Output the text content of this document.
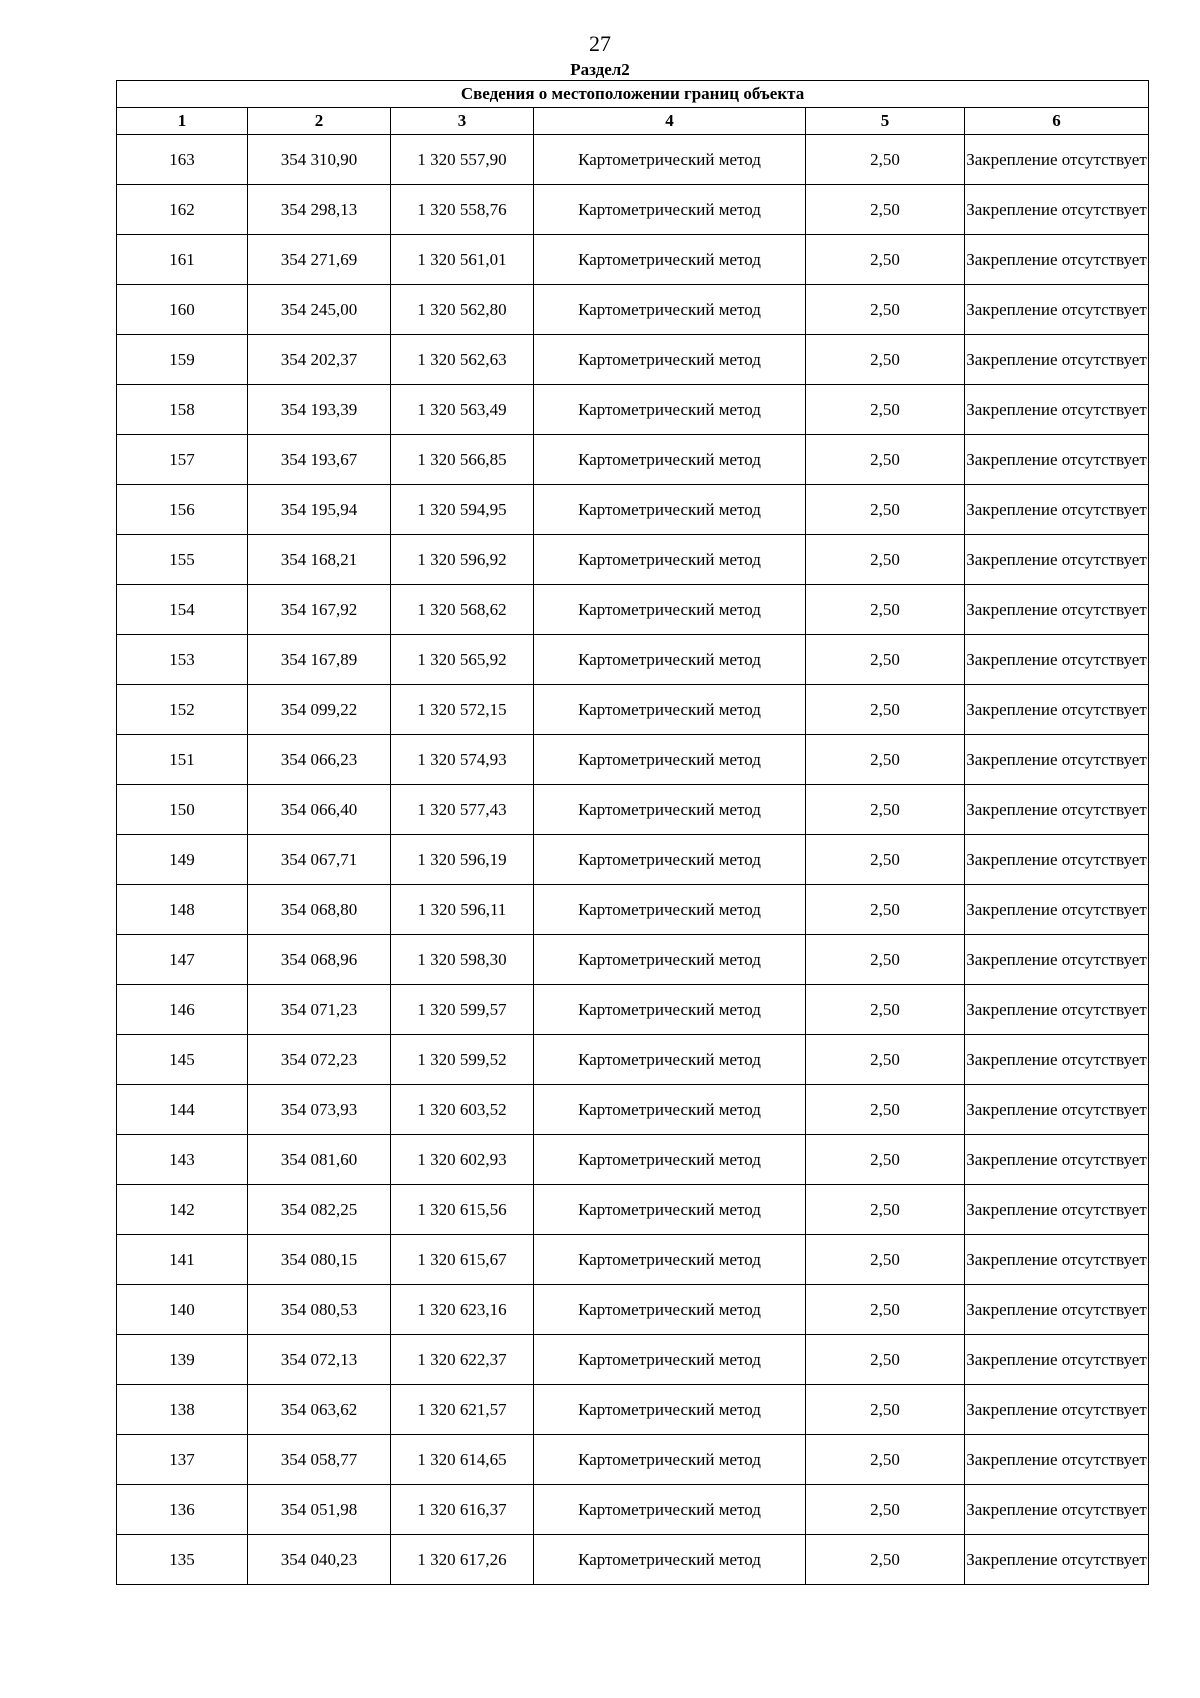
27
Раздел2
Сведения о местоположении границ объекта					
1	2	3	4	5	6
163	354 310,90	1 320 557,90	Картометрический метод	2,50	Закрепление отсутствует
162	354 298,13	1 320 558,76	Картометрический метод	2,50	Закрепление отсутствует
161	354 271,69	1 320 561,01	Картометрический метод	2,50	Закрепление отсутствует
160	354 245,00	1 320 562,80	Картометрический метод	2,50	Закрепление отсутствует
159	354 202,37	1 320 562,63	Картометрический метод	2,50	Закрепление отсутствует
158	354 193,39	1 320 563,49	Картометрический метод	2,50	Закрепление отсутствует
157	354 193,67	1 320 566,85	Картометрический метод	2,50	Закрепление отсутствует
156	354 195,94	1 320 594,95	Картометрический метод	2,50	Закрепление отсутствует
155	354 168,21	1 320 596,92	Картометрический метод	2,50	Закрепление отсутствует
154	354 167,92	1 320 568,62	Картометрический метод	2,50	Закрепление отсутствует
153	354 167,89	1 320 565,92	Картометрический метод	2,50	Закрепление отсутствует
152	354 099,22	1 320 572,15	Картометрический метод	2,50	Закрепление отсутствует
151	354 066,23	1 320 574,93	Картометрический метод	2,50	Закрепление отсутствует
150	354 066,40	1 320 577,43	Картометрический метод	2,50	Закрепление отсутствует
149	354 067,71	1 320 596,19	Картометрический метод	2,50	Закрепление отсутствует
148	354 068,80	1 320 596,11	Картометрический метод	2,50	Закрепление отсутствует
147	354 068,96	1 320 598,30	Картометрический метод	2,50	Закрепление отсутствует
146	354 071,23	1 320 599,57	Картометрический метод	2,50	Закрепление отсутствует
145	354 072,23	1 320 599,52	Картометрический метод	2,50	Закрепление отсутствует
144	354 073,93	1 320 603,52	Картометрический метод	2,50	Закрепление отсутствует
143	354 081,60	1 320 602,93	Картометрический метод	2,50	Закрепление отсутствует
142	354 082,25	1 320 615,56	Картометрический метод	2,50	Закрепление отсутствует
141	354 080,15	1 320 615,67	Картометрический метод	2,50	Закрепление отсутствует
140	354 080,53	1 320 623,16	Картометрический метод	2,50	Закрепление отсутствует
139	354 072,13	1 320 622,37	Картометрический метод	2,50	Закрепление отсутствует
138	354 063,62	1 320 621,57	Картометрический метод	2,50	Закрепление отсутствует
137	354 058,77	1 320 614,65	Картометрический метод	2,50	Закрепление отсутствует
136	354 051,98	1 320 616,37	Картометрический метод	2,50	Закрепление отсутствует
135	354 040,23	1 320 617,26	Картометрический метод	2,50	Закрепление отсутствует
